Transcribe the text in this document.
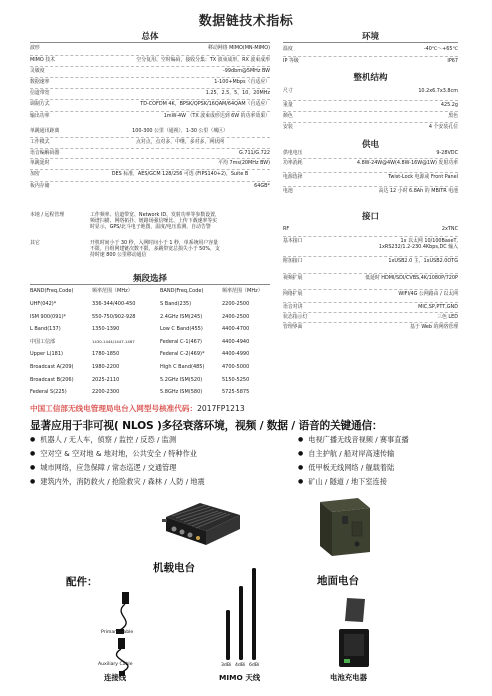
数据链技术指标
总体
波形	移动网络 MIMO(MN-MIMO)
MIMO 技术	空分复用、空时编码，接收分集：TX 波束成形，RX 波束成形
灵敏度	-99dbm@5MHz BW
数据速率	1-100+Mbps（自适应）
信道带宽	1.25，2.5，5，10，20MHz
调制方式	TD-COFDM 4K，BPSK/QPSK/16QAM/64QAM（自适应）
输出功率	1mW-4W （TX 波束成形达到 6W 的功率效果）
单跳通讯距离	100-300 公里（通视），1-30 公里（城区）
工作模式	点对点，点对多，中继，多对多，网状网
语音编解码器	G.711/G.722
单跳延时	平均 7ms(20MHz BW)
加密	DES 标准，AES/GCM 128/256 可选 (FIPS140+2)，Suite B
板内存储	64GB*
本地 / 远程管理	工作频率、信道带宽、Network ID、发射功率等参数设置，
频谱扫描、网络拓扑、链路场强信噪比、上传下载速率等实
时显示，GPS/北斗电子地图，温度/电压监测，自动告警
其它	开机时间小于 30 秒，入网时间小于 1 秒，单系统用户容量
不限，自组网建链次数不限，多跳带宽总损失小于 50%，支
持时速 800 公里移动通信
频段选择
BAND(Freq,Code)	频率范围（MHz）	BAND(Freq,Code)	频率范围（MHz）
UHF(042)*	336-344/400-450	S Band(235)	2200-2500
ISM 900(091)*	550-750/902-928	2.4GHz ISM(245)	2400-2500
L Band(137)	1350-1390	Low C Band(455)	4400-4700
中国工信部	1430-1444/1447-1467	Federal C-1(467)	4400-4940
Upper L(181)	1780-1850	Federal C-2(469)*	4400-4990
Broadcast A(209)	1980-2200	High C Band(485)	4700-5000
Broadcast B(206)	2025-2110	5.2GHz ISM(520)	5150-5250
Federal S(225)	2200-2300	5.8GHz ISM(580)	5725-5875
环境
温度	-40℃～+65℃
IP 等级	IP67
整机结构
尺寸	10.2x6.7x3.8cm
重量	425.2g
颜色	黑色
安装	4 个安装孔位
供电
供电电压	9-28VDC
功率消耗	4.8W-24W@4W(4.8W-16W@1W) 发射功率
电源选择	Twist-Lock 电源或 Front Panel
电池	高达 12 小时 6.8Ah 的 MBITR 电池
接口
RF	2xTNC
基本接口	1x 以太网 10/100BaseT,
1xRS232/1.2-230.4Kbps,DC 输入
附加接口	1xUSB2.0 主，1xUSB2.0OTG
视频扩展	低延时 HDMI/SDI/CVBS,4K/1080P/720P
网络扩展	WIFI/4G 公网路由 / 以太网
语音对讲	MIC,SP,PTT,GND
状态指示灯	三色 LED
管理界面	基于 Web 的网络管理
中国工信部无线电管理局电台入网型号核准代码：2017FP1213
显著应用于非可视( NLOS )多径衰落环境，视频 / 数据 / 语音的关键通信：
● 机器人 / 无人车，侦察 / 监控 / 反恐 / 监测
● 空对空 & 空对地 & 地对地，公共安全 / 特种作业
● 城市网络，应急保障 / 常态巡逻 / 交通管理
● 建筑内外，消防救火 / 抢险救灾 / 森林 / 人防 / 地震
● 电视广播无线音视频 / 赛事直播
● 自主护航 / 船对岸高速传输
● 低甲板无线网络 / 舰载着陆
● 矿山 / 隧道 / 地下室连接
机载电台
地面电台
配件：
Primary Cable
Auxiliary Cable
连接线
3dBi 4dBi 6dBi
MIMO 天线	电池充电器
